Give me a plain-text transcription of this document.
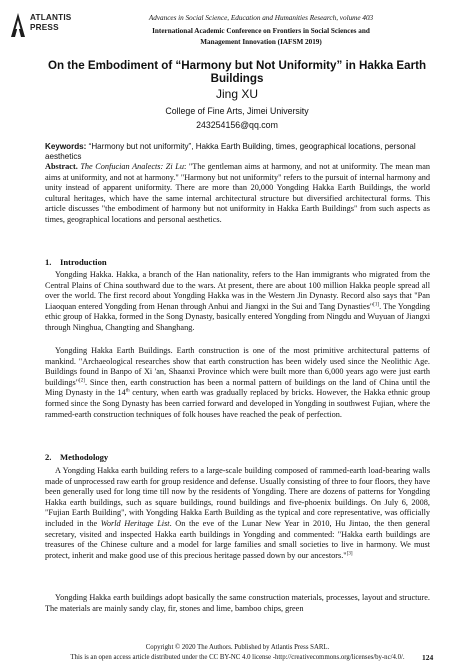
ATLANTIS
PRESS
Advances in Social Science, Education and Humanities Research, volume 403
International Academic Conference on Frontiers in Social Sciences and
Management Innovation (IAFSM 2019)
On the Embodiment of “Harmony but Not Uniformity” in Hakka Earth
Buildings
Jing XU
College of Fine Arts, Jimei University
243254156@qq.com
Keywords: “Harmony but not uniformity”, Hakka Earth Building, times, geographical locations, personal aesthetics
Abstract. The Confucian Analects: Zi Lu: "The gentleman aims at harmony, and not at uniformity. The mean man aims at uniformity, and not at harmony." "Harmony but not uniformity" refers to the pursuit of internal harmony and unity instead of apparent uniformity. There are more than 20,000 Yongding Hakka Earth Buildings, the world cultural heritages, which have the same internal architectural structure but diversified architectural forms. This article discusses "the embodiment of harmony but not uniformity in Hakka Earth Buildings" from such aspects as times, geographical locations and personal aesthetics.
1. Introduction
Yongding Hakka. Hakka, a branch of the Han nationality, refers to the Han immigrants who migrated from the Central Plains of China southward due to the wars. At present, there are about 100 million Hakka people spread all over the world. The first record about Yongding Hakka was in the Western Jin Dynasty. Record also says that "Pan Liaoquan entered Yongding from Henan through Anhui and Jiangxi in the Sui and Tang Dynasties"[1]. The Yongding ethic group of Hakka, formed in the Song Dynasty, basically entered Yongding from Ningdu and Wuyuan of Jiangxi through Ninghua, Changting and Shanghang.
Yongding Hakka Earth Buildings. Earth construction is one of the most primitive architectural patterns of mankind. "Archaeological researches show that earth construction has been widely used since the Neolithic Age. Buildings found in Banpo of Xi 'an, Shaanxi Province which were built more than 6,000 years ago were just earth buildings"[2]. Since then, earth construction has been a normal pattern of buildings on the land of China until the Ming Dynasty in the 14th century, when earth was gradually replaced by bricks. However, the Hakka ethnic group formed since the Song Dynasty has been carried forward and developed in Yongding in southwest Fujian, where the rammed-earth construction techniques of folk houses have reached the peak of perfection.
2. Methodology
A Yongding Hakka earth building refers to a large-scale building composed of rammed-earth load-bearing walls made of unprocessed raw earth for group residence and defense. Usually consisting of three to four floors, they have been generally used for long time till now by the residents of Yongding. There are dozens of patterns for Yongding Hakka earth buildings, such as square buildings, round buildings and five-phoenix buildings. On July 6, 2008, "Fujian Earth Building", with Yongding Hakka Earth Building as the typical and core representative, was officially included in the World Heritage List. On the eve of the Lunar New Year in 2010, Hu Jintao, the then general secretary, visited and inspected Hakka earth buildings in Yongding and commented: "Hakka earth buildings are treasures of the Chinese culture and a model for large families and small societies to live in harmony. We must protect, inherit and make good use of this precious heritage passed down by our ancestors."[3]
Yongding Hakka earth buildings adopt basically the same construction materials, processes, layout and structure. The materials are mainly sandy clay, fir, stones and lime, bamboo chips, green
Copyright © 2020 The Authors. Published by Atlantis Press SARL.
This is an open access article distributed under the CC BY-NC 4.0 license -http://creativecommons.org/licenses/by-nc/4.0/.	124
